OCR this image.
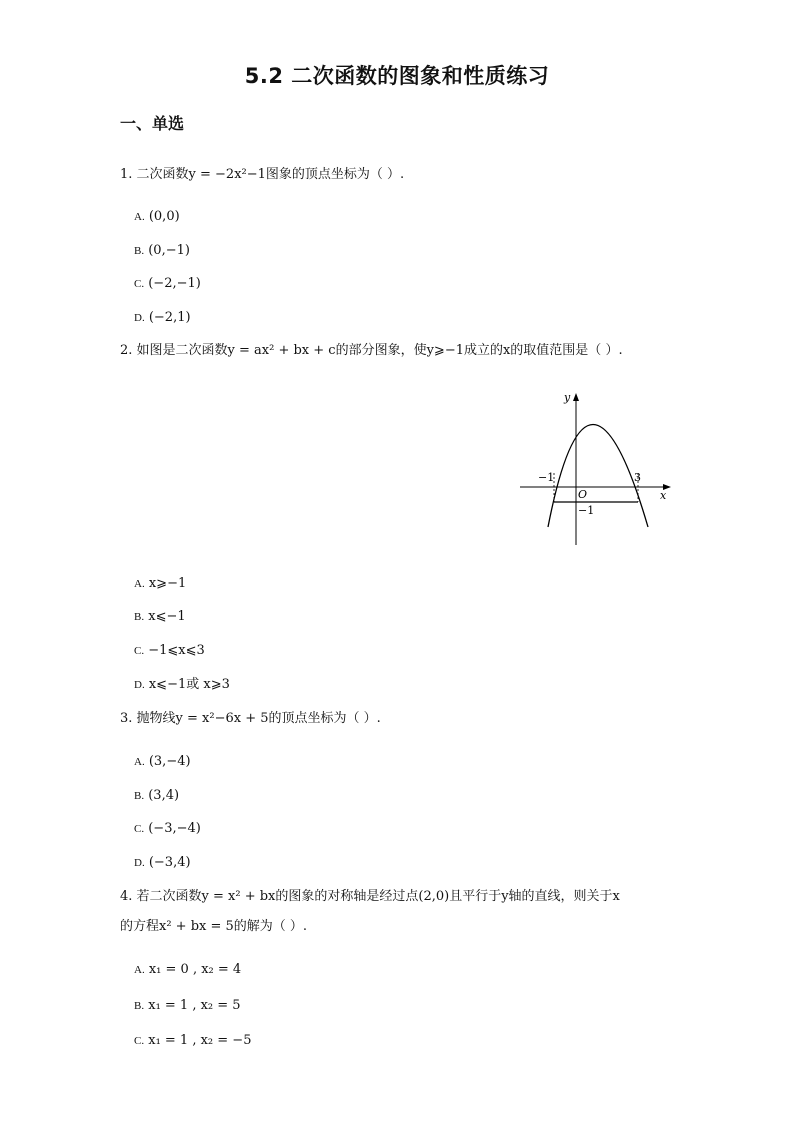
5.2 二次函数的图象和性质练习
一、单选
1. 二次函数y = −2x²−1图象的顶点坐标为（ ）.
A. (0,0)
B. (0,−1)
C. (−2,−1)
D. (−2,1)
2. 如图是二次函数y = ax² + bx + c的部分图象，使y⩾−1成立的x的取值范围是（ ）.
y
x
O
−1	3
−1
A. x⩾−1
B. x⩽−1
C. −1⩽x⩽3
D. x⩽−1或 x⩾3
3. 抛物线y = x²−6x + 5的顶点坐标为（ ）.
A. (3,−4)
B. (3,4)
C. (−3,−4)
D. (−3,4)
4. 若二次函数y = x² + bx的图象的对称轴是经过点(2,0)且平行于y轴的直线，则关于x
的方程x² + bx = 5的解为（ ）.
A. x₁ = 0 , x₂ = 4
B. x₁ = 1 , x₂ = 5
C. x₁ = 1 , x₂ = −5
